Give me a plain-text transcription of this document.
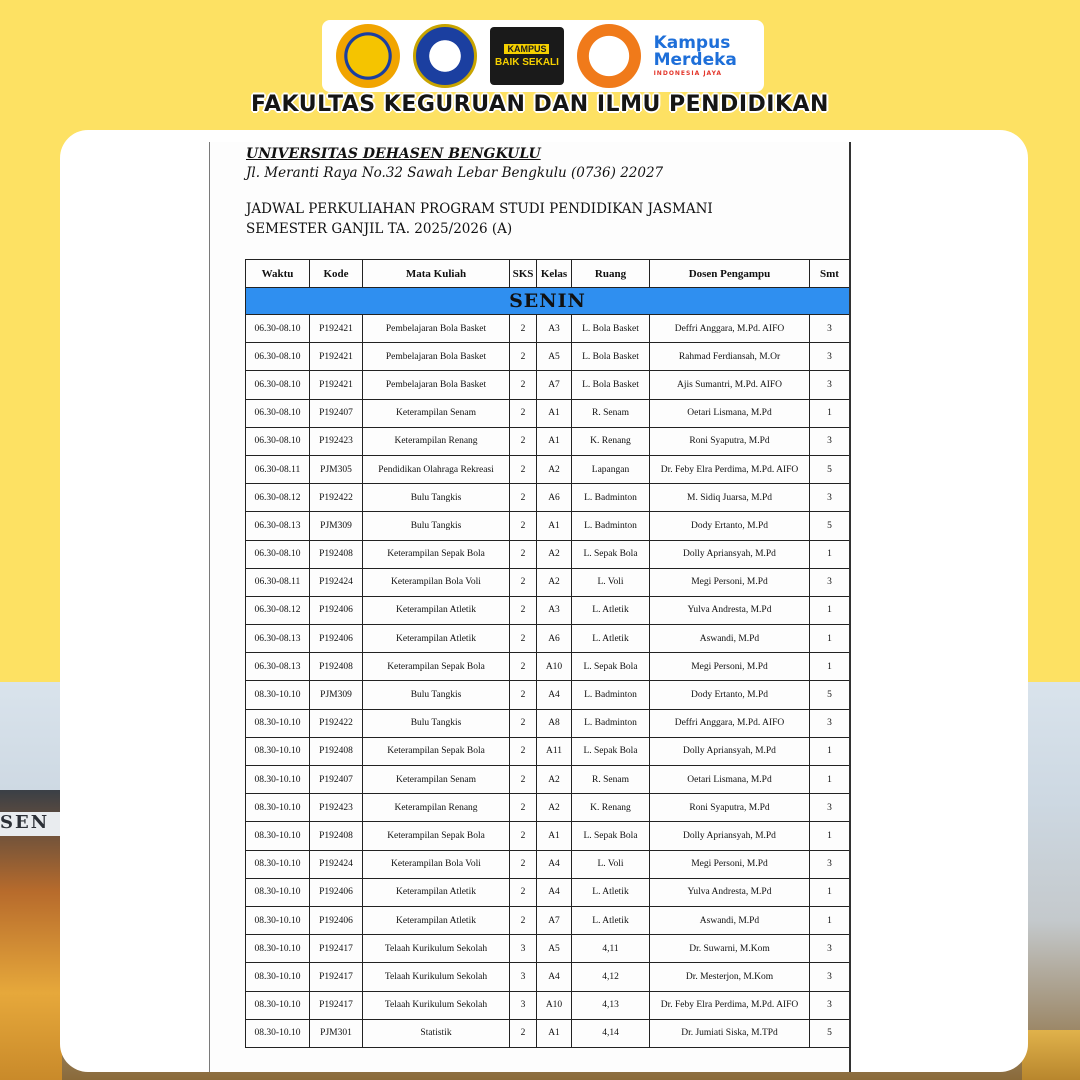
SEN
KAMPUS
BAIK SEKALI
Kampus
Merdeka
INDONESIA JAYA
FAKULTAS KEGURUAN DAN ILMU PENDIDIKAN
UNIVERSITAS DEHASEN BENGKULU
Jl. Meranti Raya No.32 Sawah Lebar Bengkulu (0736) 22027
JADWAL PERKULIAHAN PROGRAM STUDI PENDIDIKAN JASMANI
SEMESTER GANJIL TA. 2025/2026 (A)
Waktu	Kode	Mata Kuliah	SKS	Kelas	Ruang	Dosen Pengampu	Smt
SENIN							
06.30-08.10	P192421	Pembelajaran Bola Basket	2	A3	L. Bola Basket	Deffri Anggara, M.Pd. AIFO	3
06.30-08.10	P192421	Pembelajaran Bola Basket	2	A5	L. Bola Basket	Rahmad Ferdiansah, M.Or	3
06.30-08.10	P192421	Pembelajaran Bola Basket	2	A7	L. Bola Basket	Ajis Sumantri, M.Pd. AIFO	3
06.30-08.10	P192407	Keterampilan Senam	2	A1	R. Senam	Oetari Lismana, M.Pd	1
06.30-08.10	P192423	Keterampilan Renang	2	A1	K. Renang	Roni Syaputra, M.Pd	3
06.30-08.11	PJM305	Pendidikan Olahraga Rekreasi	2	A2	Lapangan	Dr. Feby Elra Perdima, M.Pd. AIFO	5
06.30-08.12	P192422	Bulu Tangkis	2	A6	L. Badminton	M. Sidiq Juarsa, M.Pd	3
06.30-08.13	PJM309	Bulu Tangkis	2	A1	L. Badminton	Dody Ertanto, M.Pd	5
06.30-08.10	P192408	Keterampilan Sepak Bola	2	A2	L. Sepak Bola	Dolly Apriansyah, M.Pd	1
06.30-08.11	P192424	Keterampilan Bola Voli	2	A2	L. Voli	Megi Personi, M.Pd	3
06.30-08.12	P192406	Keterampilan Atletik	2	A3	L. Atletik	Yulva Andresta, M.Pd	1
06.30-08.13	P192406	Keterampilan Atletik	2	A6	L. Atletik	Aswandi, M.Pd	1
06.30-08.13	P192408	Keterampilan Sepak Bola	2	A10	L. Sepak Bola	Megi Personi, M.Pd	1
08.30-10.10	PJM309	Bulu Tangkis	2	A4	L. Badminton	Dody Ertanto, M.Pd	5
08.30-10.10	P192422	Bulu Tangkis	2	A8	L. Badminton	Deffri Anggara, M.Pd. AIFO	3
08.30-10.10	P192408	Keterampilan Sepak Bola	2	A11	L. Sepak Bola	Dolly Apriansyah, M.Pd	1
08.30-10.10	P192407	Keterampilan Senam	2	A2	R. Senam	Oetari Lismana, M.Pd	1
08.30-10.10	P192423	Keterampilan Renang	2	A2	K. Renang	Roni Syaputra, M.Pd	3
08.30-10.10	P192408	Keterampilan Sepak Bola	2	A1	L. Sepak Bola	Dolly Apriansyah, M.Pd	1
08.30-10.10	P192424	Keterampilan Bola Voli	2	A4	L. Voli	Megi Personi, M.Pd	3
08.30-10.10	P192406	Keterampilan Atletik	2	A4	L. Atletik	Yulva Andresta, M.Pd	1
08.30-10.10	P192406	Keterampilan Atletik	2	A7	L. Atletik	Aswandi, M.Pd	1
08.30-10.10	P192417	Telaah Kurikulum Sekolah	3	A5	4,11	Dr. Suwarni, M.Kom	3
08.30-10.10	P192417	Telaah Kurikulum Sekolah	3	A4	4,12	Dr. Mesterjon, M.Kom	3
08.30-10.10	P192417	Telaah Kurikulum Sekolah	3	A10	4,13	Dr. Feby Elra Perdima, M.Pd. AIFO	3
08.30-10.10	PJM301	Statistik	2	A1	4,14	Dr. Jumiati Siska, M.TPd	5
